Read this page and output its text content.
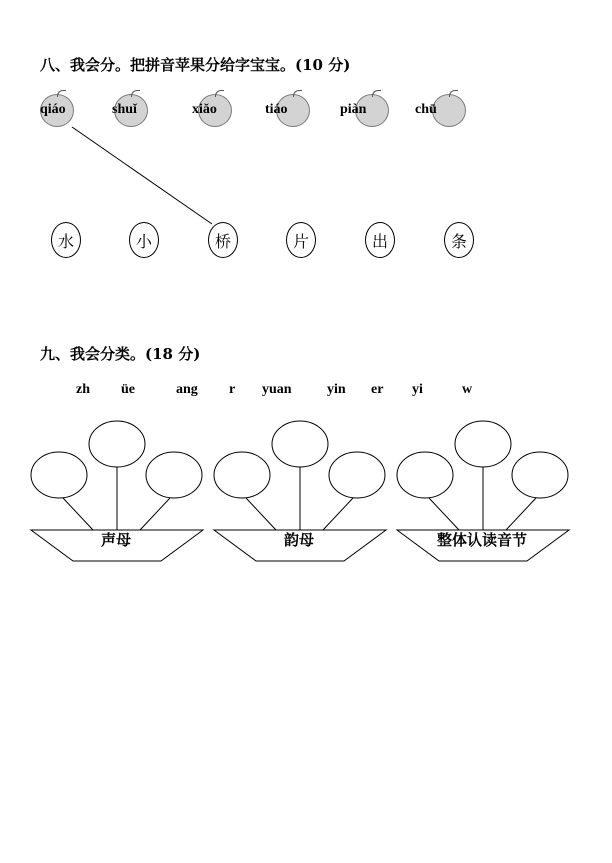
八、我会分。把拼音苹果分给字宝宝。(10 分)
qiáo	shuǐ	xiǎo	tiáo	piàn	chū
水	小	桥	片	出	条
九、我会分类。(18 分)
zh üe	ang r yuan	yin er yi	w
声母	韵母	整体认读音节
